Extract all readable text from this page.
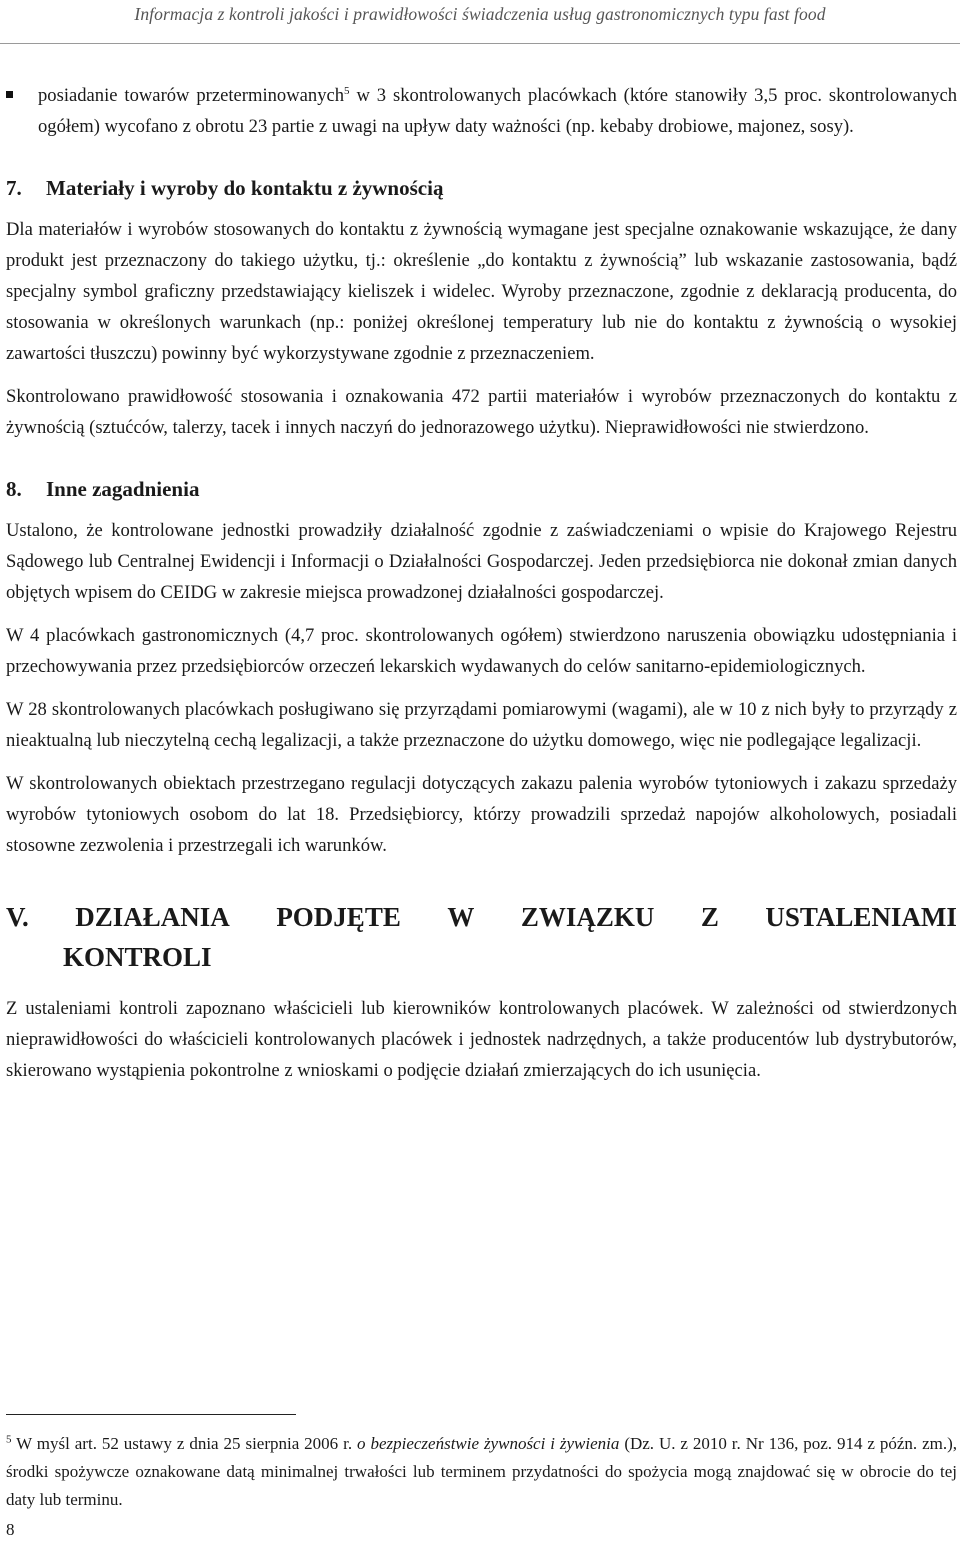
Informacja z kontroli jakości i prawidłowości świadczenia usług gastronomicznych typu fast food

posiadanie towarów przeterminowanych$^5$ w 3 skontrolowanych placówkach (które stanowiły 3,5 proc. skontrolowanych ogółem) wycofano z obrotu 23 partie z uwagi na upływ daty ważności (np. kebaby drobiowe, majonez, sosy).

7. Materiały i wyroby do kontaktu z żywnością

Dla materiałów i wyrobów stosowanych do kontaktu z żywnością wymagane jest specjalne oznakowanie wskazujące, że dany produkt jest przeznaczony do takiego użytku, tj.: określenie „do kontaktu z żywnością” lub wskazanie zastosowania, bądź specjalny symbol graficzny przedstawiający kieliszek i widelec. Wyroby przeznaczone, zgodnie z deklaracją producenta, do stosowania w określonych warunkach (np.: poniżej określonej temperatury lub nie do kontaktu z żywnością o wysokiej zawartości tłuszczu) powinny być wykorzystywane zgodnie z przeznaczeniem.

Skontrolowano prawidłowość stosowania i oznakowania 472 partii materiałów i wyrobów przeznaczonych do kontaktu z żywnością (sztućców, talerzy, tacek i innych naczyń do jednorazowego użytku). Nieprawidłowości nie stwierdzono.

8. Inne zagadnienia

Ustalono, że kontrolowane jednostki prowadziły działalność zgodnie z zaświadczeniami o wpisie do Krajowego Rejestru Sądowego lub Centralnej Ewidencji i Informacji o Działalności Gospodarczej. Jeden przedsiębiorca nie dokonał zmian danych objętych wpisem do CEIDG w zakresie miejsca prowadzonej działalności gospodarczej.

W 4 placówkach gastronomicznych (4,7 proc. skontrolowanych ogółem) stwierdzono naruszenia obowiązku udostępniania i przechowywania przez przedsiębiorców orzeczeń lekarskich wydawanych do celów sanitarno-epidemiologicznych.

W 28 skontrolowanych placówkach posługiwano się przyrządami pomiarowymi (wagami), ale w 10 z nich były to przyrządy z nieaktualną lub nieczytelną cechą legalizacji, a także przeznaczone do użytku domowego, więc nie podlegające legalizacji.

W skontrolowanych obiektach przestrzegano regulacji dotyczących zakazu palenia wyrobów tytoniowych i zakazu sprzedaży wyrobów tytoniowych osobom do lat 18. Przedsiębiorcy, którzy prowadzili sprzedaż napojów alkoholowych, posiadali stosowne zezwolenia i przestrzegali ich warunków.

V. DZIAŁANIA PODJĘTE W ZWIĄZKU Z USTALENIAMI
KONTROLI

Z ustaleniami kontroli zapoznano właścicieli lub kierowników kontrolowanych placówek. W zależności od stwierdzonych nieprawidłowości do właścicieli kontrolowanych placówek i jednostek nadrzędnych, a także producentów lub dystrybutorów, skierowano wystąpienia pokontrolne z wnioskami o podjęcie działań zmierzających do ich usunięcia.

$^5$ W myśl art. 52 ustawy z dnia 25 sierpnia 2006 r. o bezpieczeństwie żywności i żywienia (Dz. U. z 2010 r. Nr 136, poz. 914 z późn. zm.), środki spożywcze oznakowane datą minimalnej trwałości lub terminem przydatności do spożycia mogą znajdować się w obrocie do tej daty lub terminu.

8
